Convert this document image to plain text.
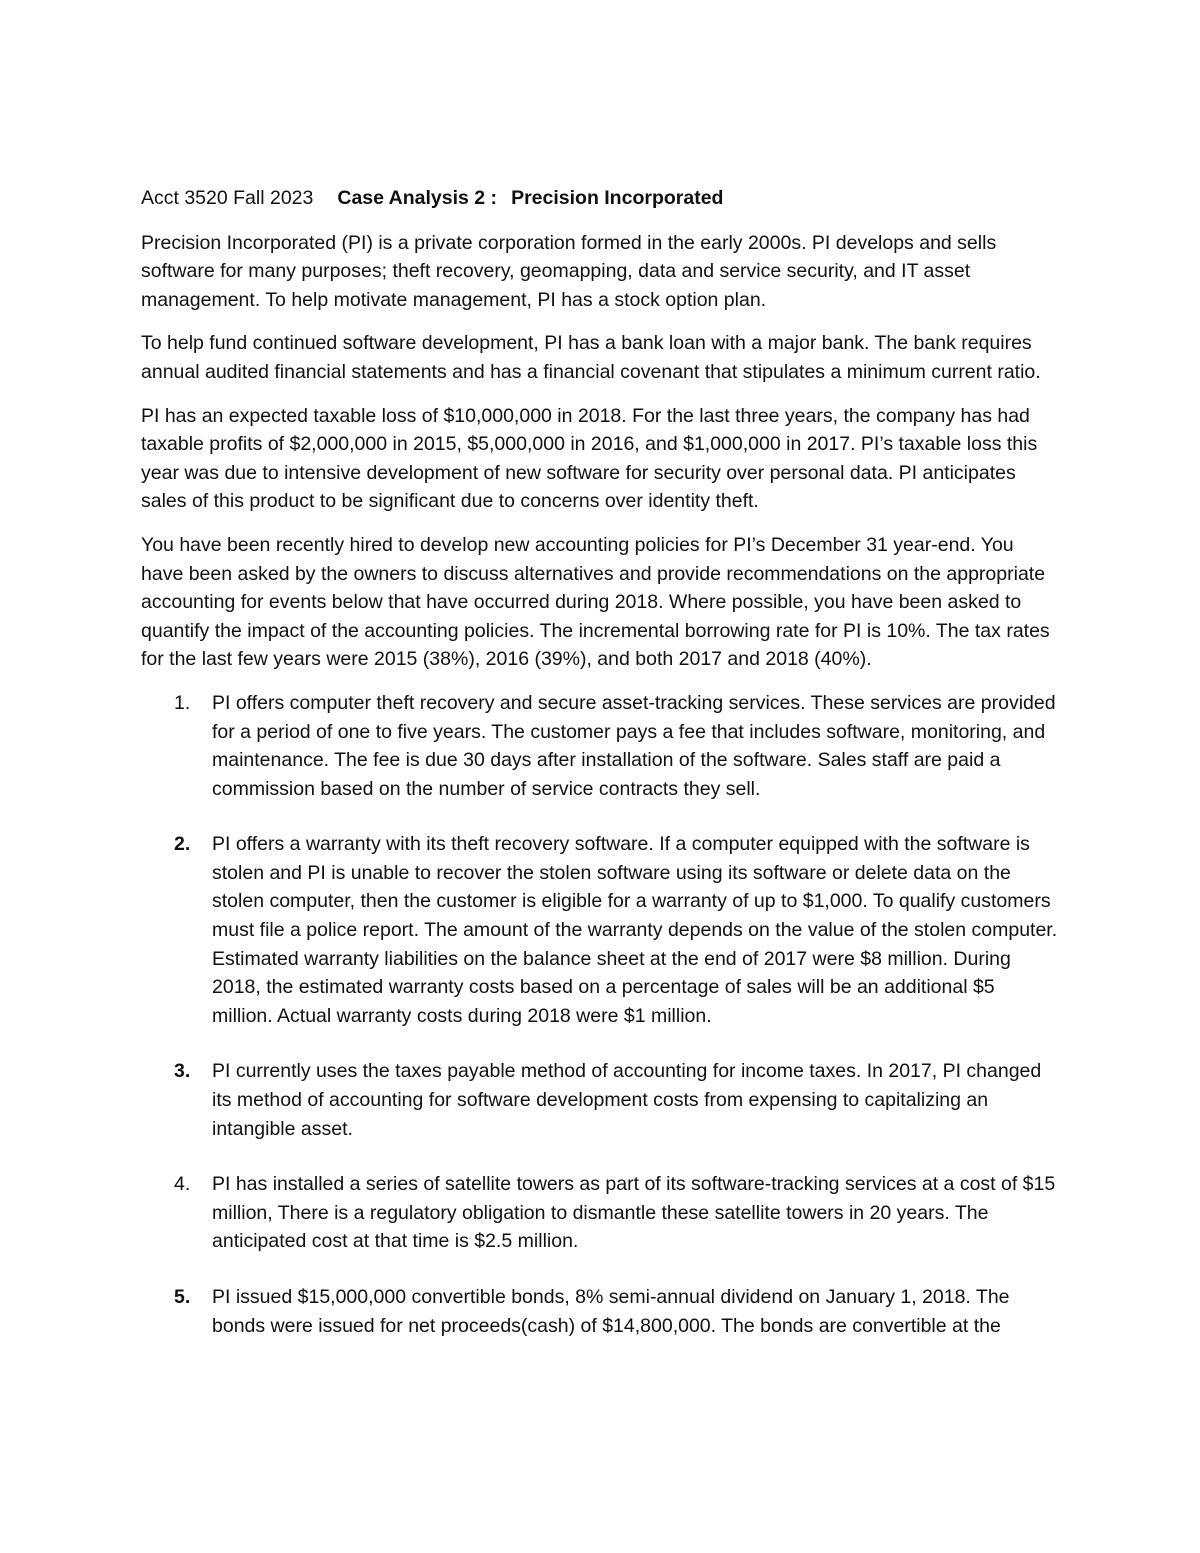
Acct 3520 Fall 2023 Case Analysis 2 : Precision Incorporated

Precision Incorporated (PI) is a private corporation formed in the early 2000s. PI develops and sells software for many purposes; theft recovery, geomapping, data and service security, and IT asset management. To help motivate management, PI has a stock option plan.

To help fund continued software development, PI has a bank loan with a major bank. The bank requires annual audited financial statements and has a financial covenant that stipulates a minimum current ratio.

PI has an expected taxable loss of $10,000,000 in 2018. For the last three years, the company has had taxable profits of $2,000,000 in 2015, $5,000,000 in 2016, and $1,000,000 in 2017. PI’s taxable loss this year was due to intensive development of new software for security over personal data. PI anticipates sales of this product to be significant due to concerns over identity theft.

You have been recently hired to develop new accounting policies for PI’s December 31 year-end. You have been asked by the owners to discuss alternatives and provide recommendations on the appropriate accounting for events below that have occurred during 2018. Where possible, you have been asked to quantify the impact of the accounting policies. The incremental borrowing rate for PI is 10%. The tax rates for the last few years were 2015 (38%), 2016 (39%), and both 2017 and 2018 (40%).

1. PI offers computer theft recovery and secure asset-tracking services. These services are provided for a period of one to five years. The customer pays a fee that includes software, monitoring, and maintenance. The fee is due 30 days after installation of the software. Sales staff are paid a commission based on the number of service contracts they sell.
2. PI offers a warranty with its theft recovery software. If a computer equipped with the software is stolen and PI is unable to recover the stolen software using its software or delete data on the stolen computer, then the customer is eligible for a warranty of up to $1,000. To qualify customers must file a police report. The amount of the warranty depends on the value of the stolen computer. Estimated warranty liabilities on the balance sheet at the end of 2017 were $8 million. During 2018, the estimated warranty costs based on a percentage of sales will be an additional $5 million. Actual warranty costs during 2018 were $1 million.
3. PI currently uses the taxes payable method of accounting for income taxes. In 2017, PI changed its method of accounting for software development costs from expensing to capitalizing an intangible asset.
4. PI has installed a series of satellite towers as part of its software-tracking services at a cost of $15 million, There is a regulatory obligation to dismantle these satellite towers in 20 years. The anticipated cost at that time is $2.5 million.
5. PI issued $15,000,000 convertible bonds, 8% semi-annual dividend on January 1, 2018. The bonds were issued for net proceeds(cash) of $14,800,000. The bonds are convertible at the
